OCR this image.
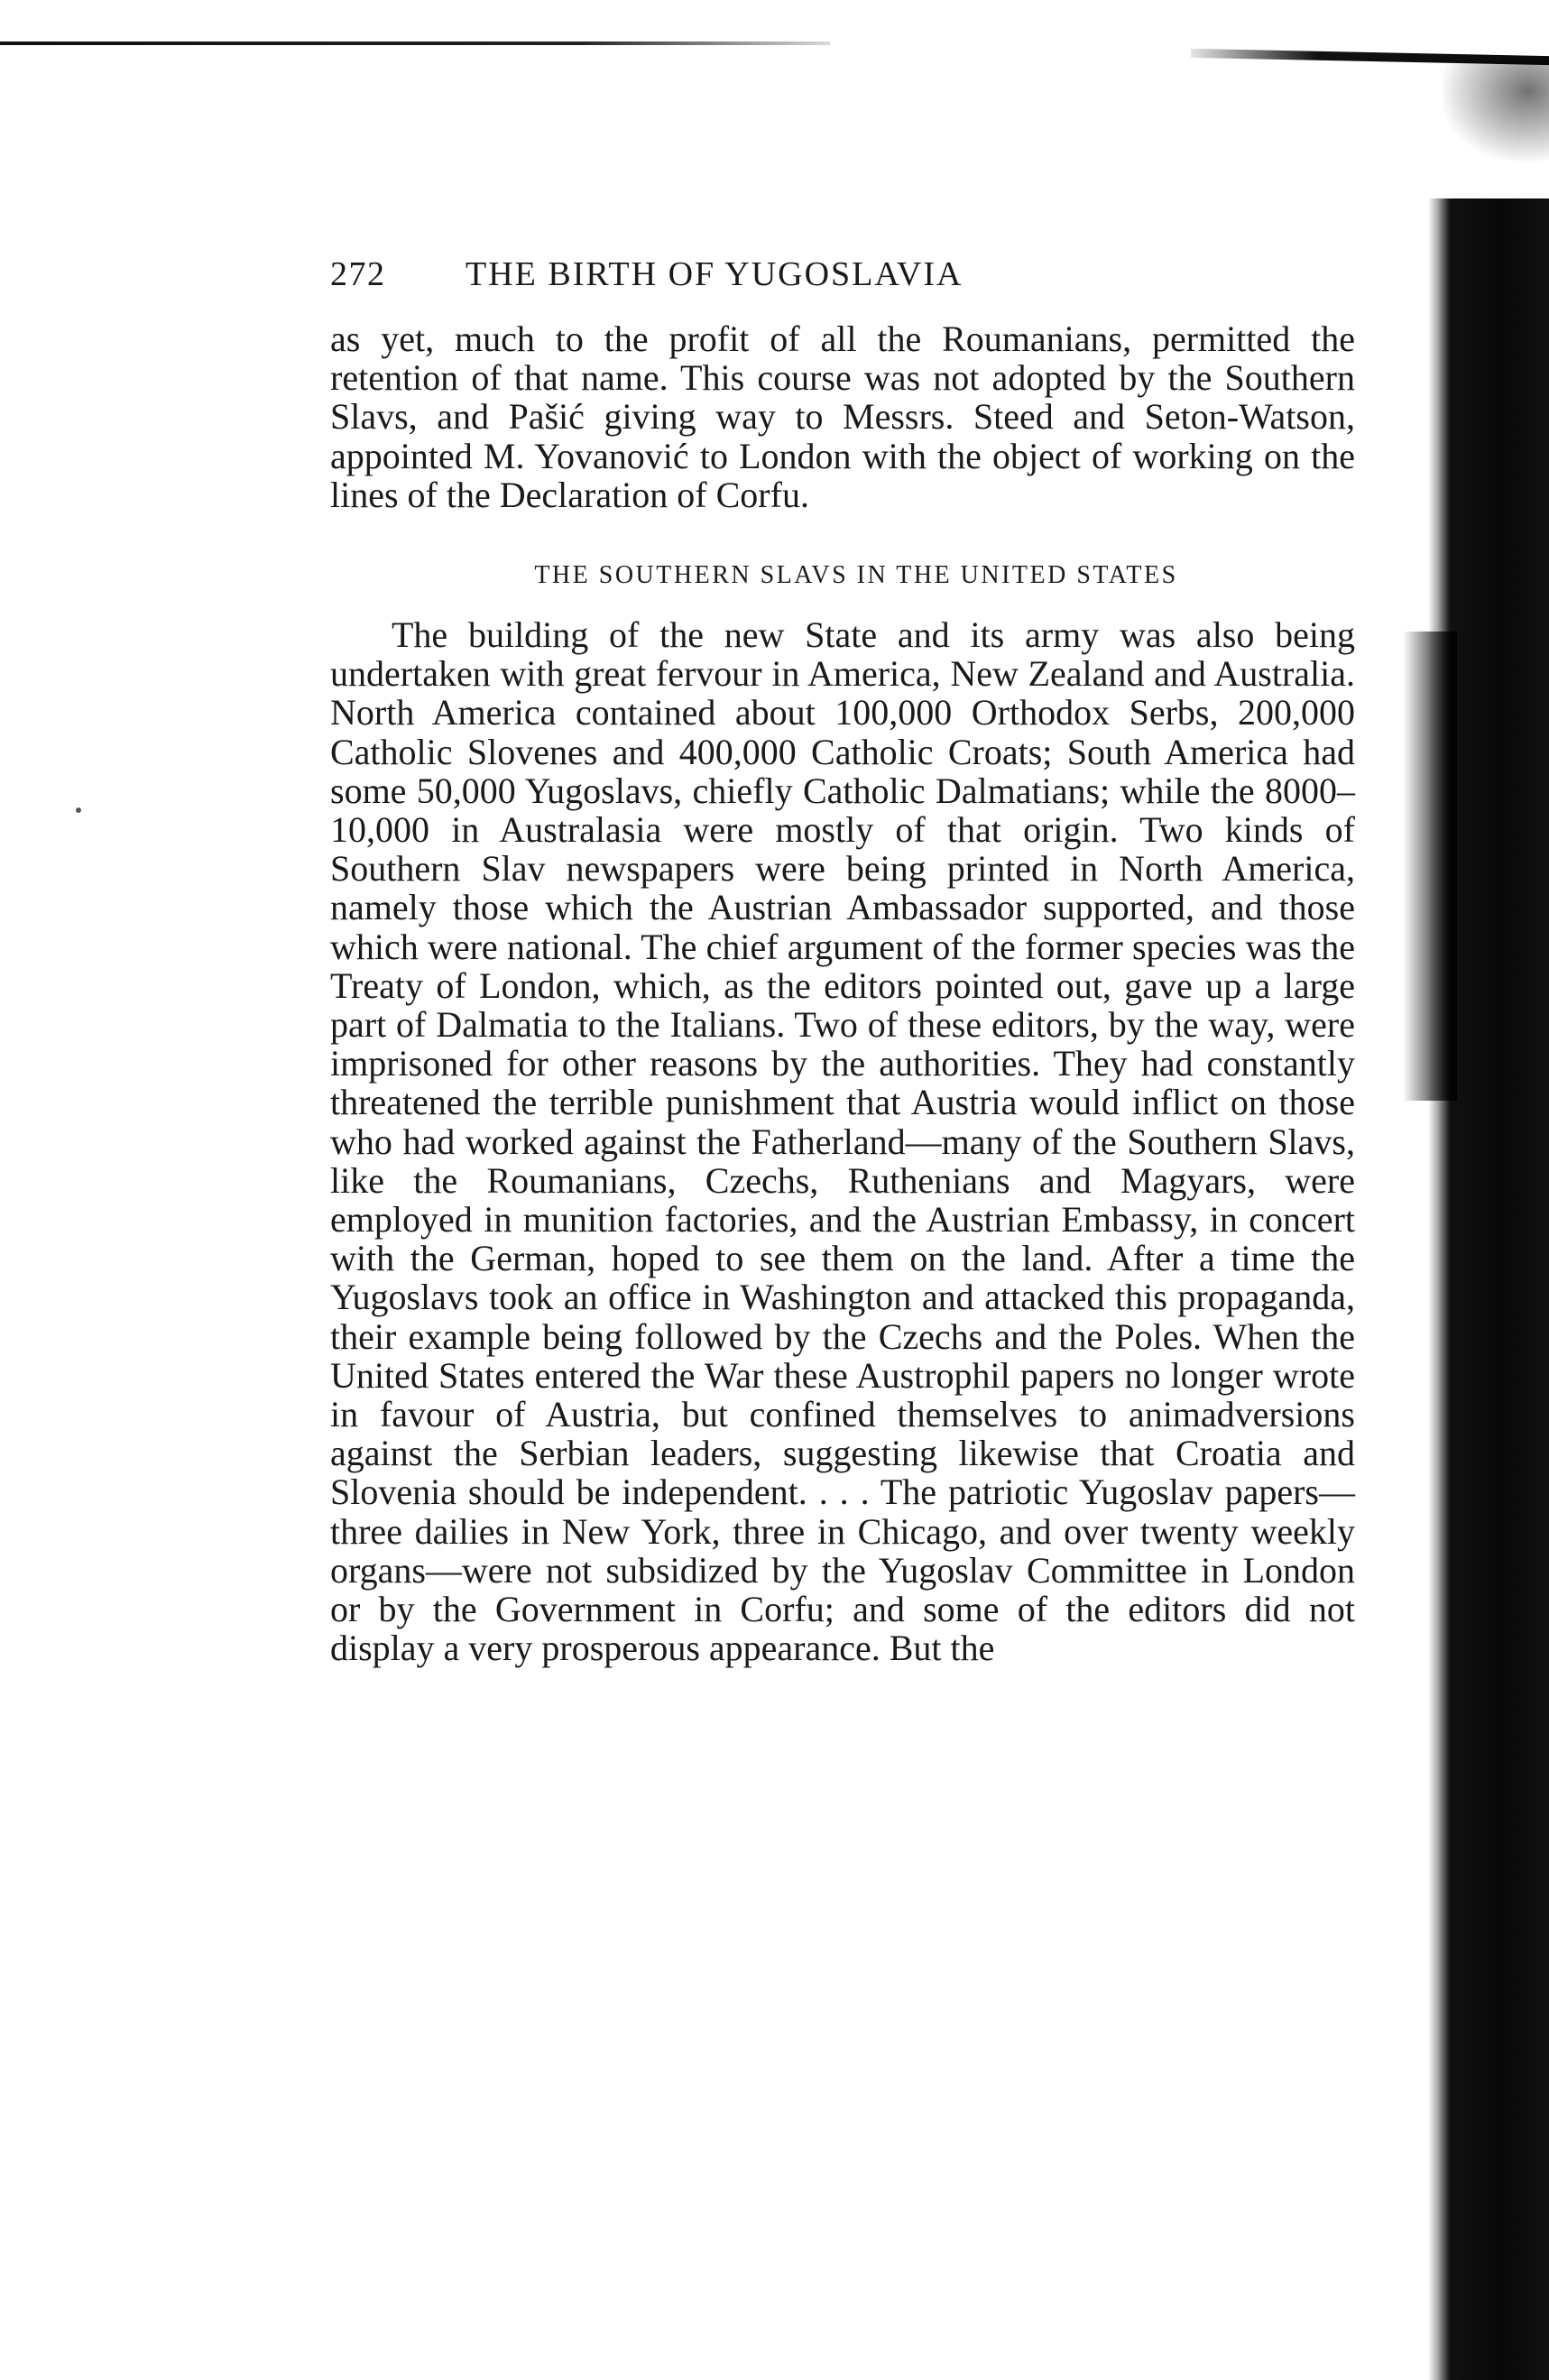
272	THE BIRTH OF YUGOSLAVIA

as yet, much to the profit of all the Roumanians, permitted the retention of that name. This course was not adopted by the Southern Slavs, and Pašić giving way to Messrs. Steed and Seton-Watson, appointed M. Yovanović to London with the object of working on the lines of the Declaration of Corfu.

THE SOUTHERN SLAVS IN THE UNITED STATES

The building of the new State and its army was also being undertaken with great fervour in America, New Zealand and Australia. North America contained about 100,000 Orthodox Serbs, 200,000 Catholic Slovenes and 400,000 Catholic Croats; South America had some 50,000 Yugoslavs, chiefly Catholic Dalmatians; while the 8000–10,000 in Australasia were mostly of that origin. Two kinds of Southern Slav newspapers were being printed in North America, namely those which the Austrian Ambassador supported, and those which were national. The chief argument of the former species was the Treaty of London, which, as the editors pointed out, gave up a large part of Dalmatia to the Italians. Two of these editors, by the way, were imprisoned for other reasons by the authorities. They had constantly threatened the terrible punishment that Austria would inflict on those who had worked against the Fatherland—many of the Southern Slavs, like the Roumanians, Czechs, Ruthenians and Magyars, were employed in munition factories, and the Austrian Embassy, in concert with the German, hoped to see them on the land. After a time the Yugoslavs took an office in Washington and attacked this propaganda, their example being followed by the Czechs and the Poles. When the United States entered the War these Austrophil papers no longer wrote in favour of Austria, but confined themselves to animadversions against the Serbian leaders, suggesting likewise that Croatia and Slovenia should be independent. . . . The patriotic Yugoslav papers—three dailies in New York, three in Chicago, and over twenty weekly organs—were not subsidized by the Yugoslav Committee in London or by the Government in Corfu; and some of the editors did not display a very prosperous appearance. But the
